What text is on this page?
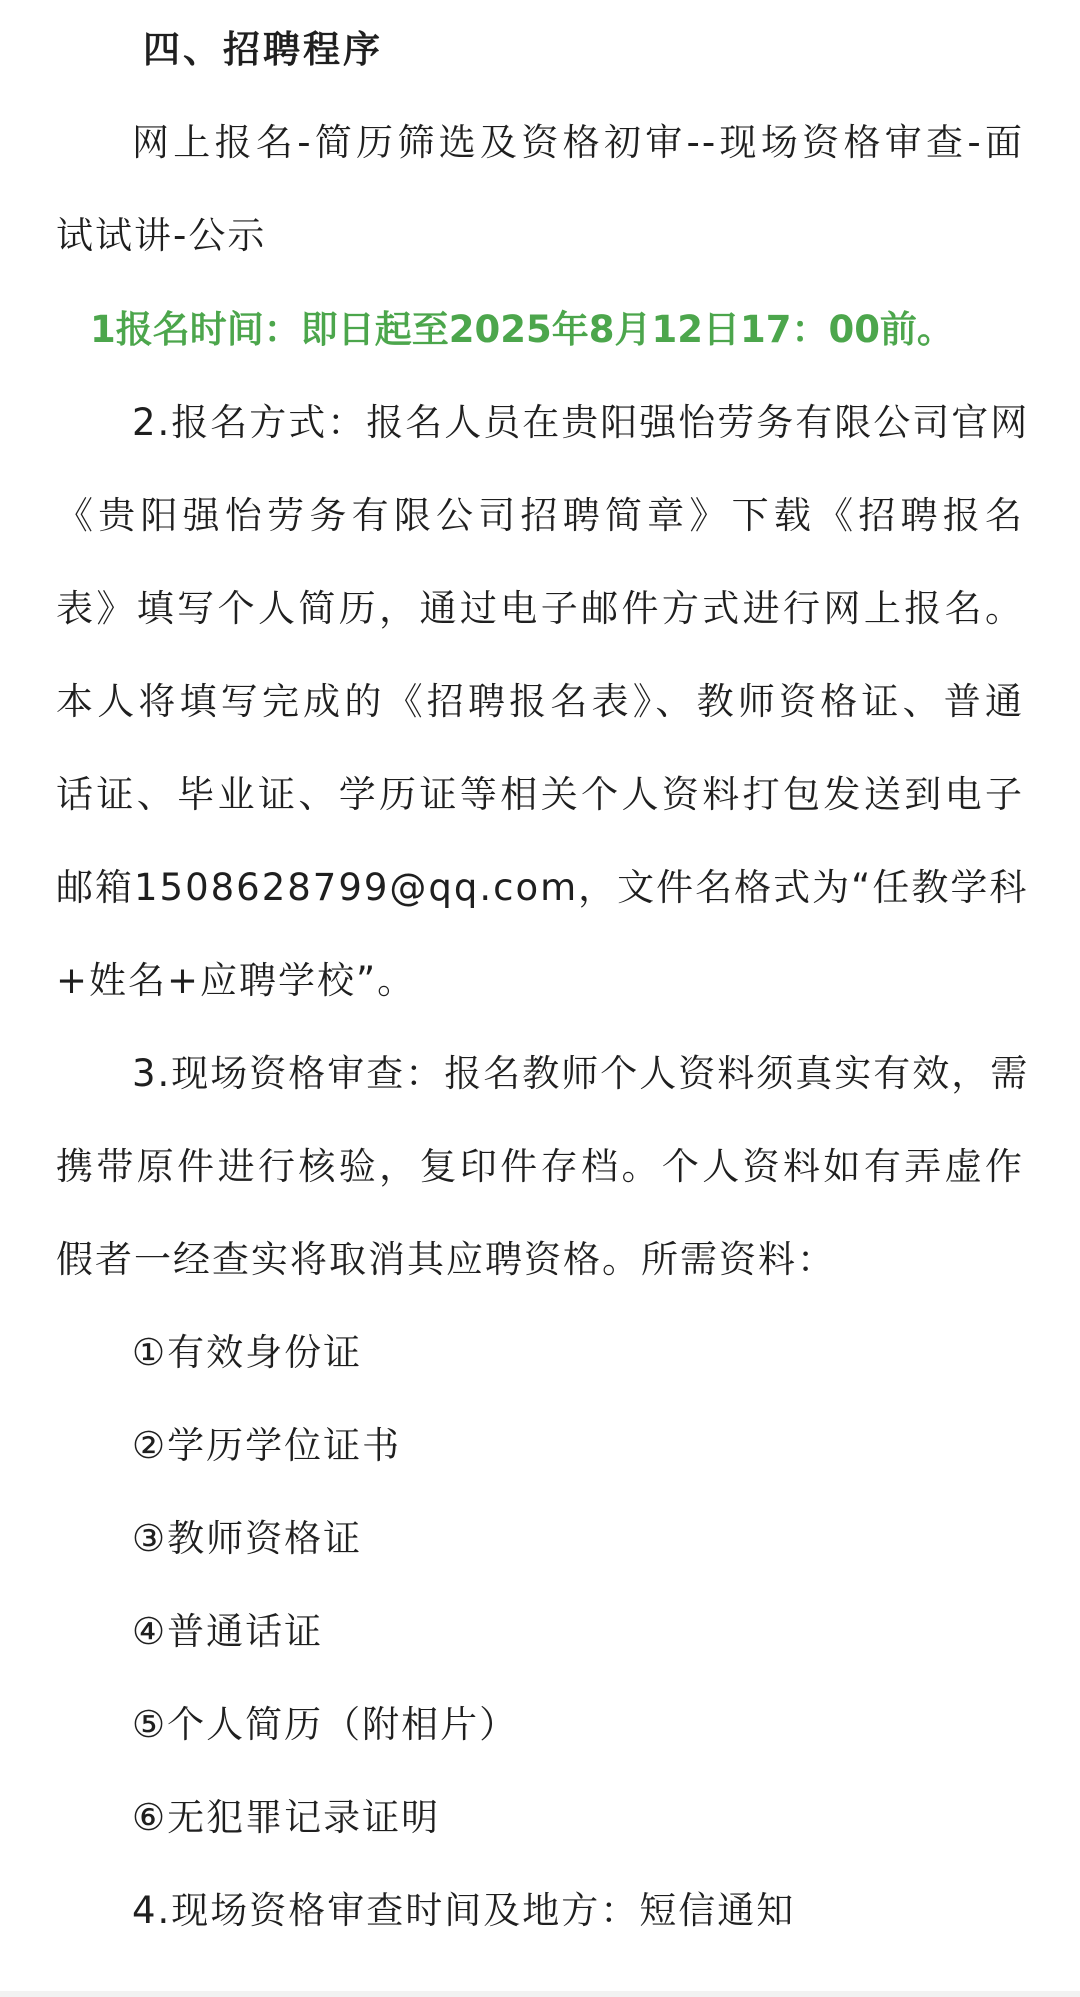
四、招聘程序
网上报名-简历筛选及资格初审--现场资格审查-面
试试讲-公示
1报名时间：即日起至2025年8月12日17：00前。
2.报名方式：报名人员在贵阳强怡劳务有限公司官网
《贵阳强怡劳务有限公司招聘简章》下载《招聘报名
表》填写个人简历，通过电子邮件方式进行网上报名。
本人将填写完成的《招聘报名表》、教师资格证、普通
话证、毕业证、学历证等相关个人资料打包发送到电子
邮箱1508628799@qq.com，文件名格式为“任教学科
+姓名+应聘学校”。
3.现场资格审查：报名教师个人资料须真实有效，需
携带原件进行核验，复印件存档。个人资料如有弄虚作
假者一经查实将取消其应聘资格。所需资料：
①有效身份证
②学历学位证书
③教师资格证
④普通话证
⑤个人简历（附相片）
⑥无犯罪记录证明
4.现场资格审查时间及地方：短信通知
